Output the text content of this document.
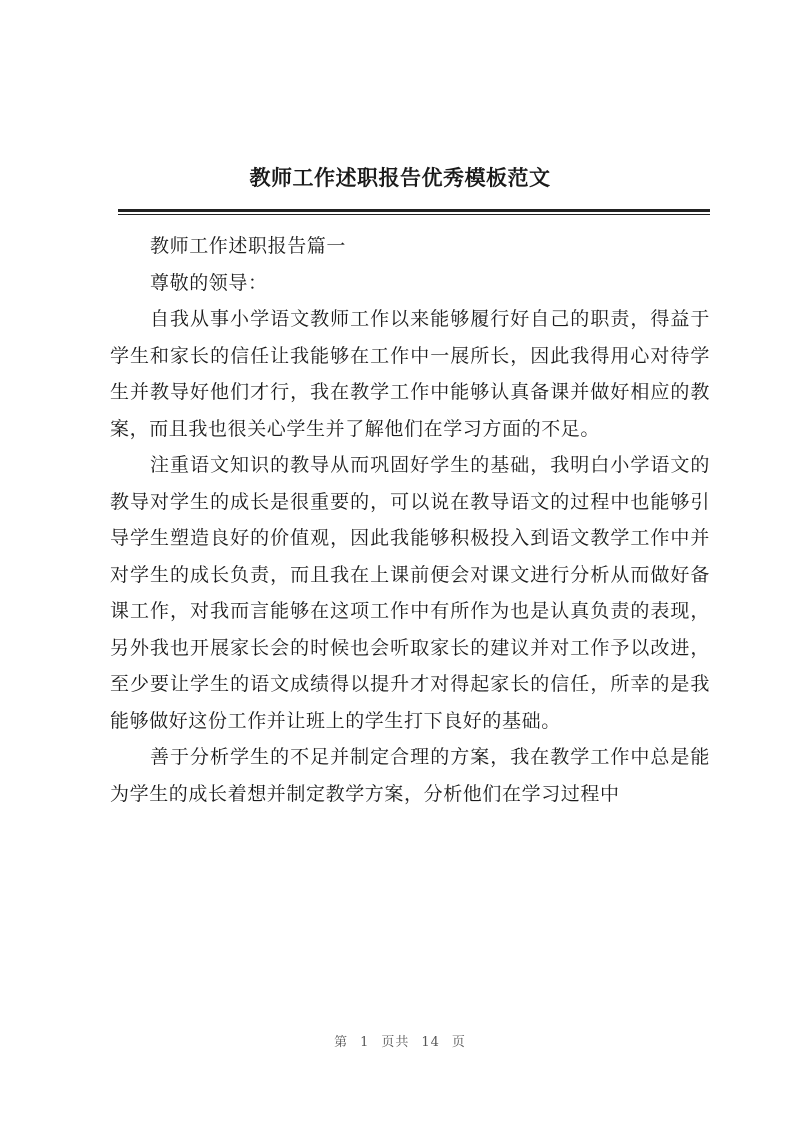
教师工作述职报告优秀模板范文

教师工作述职报告篇一

尊敬的领导：

自我从事小学语文教师工作以来能够履行好自己的职责，得益于学生和家长的信任让我能够在工作中一展所长，因此我得用心对待学生并教导好他们才行，我在教学工作中能够认真备课并做好相应的教案，而且我也很关心学生并了解他们在学习方面的不足。

注重语文知识的教导从而巩固好学生的基础，我明白小学语文的教导对学生的成长是很重要的，可以说在教导语文的过程中也能够引导学生塑造良好的价值观，因此我能够积极投入到语文教学工作中并对学生的成长负责，而且我在上课前便会对课文进行分析从而做好备课工作，对我而言能够在这项工作中有所作为也是认真负责的表现，另外我也开展家长会的时候也会听取家长的建议并对工作予以改进，至少要让学生的语文成绩得以提升才对得起家长的信任，所幸的是我能够做好这份工作并让班上的学生打下良好的基础。

善于分析学生的不足并制定合理的方案，我在教学工作中总是能为学生的成长着想并制定教学方案，分析他们在学习过程中

第 1 页共 14 页
